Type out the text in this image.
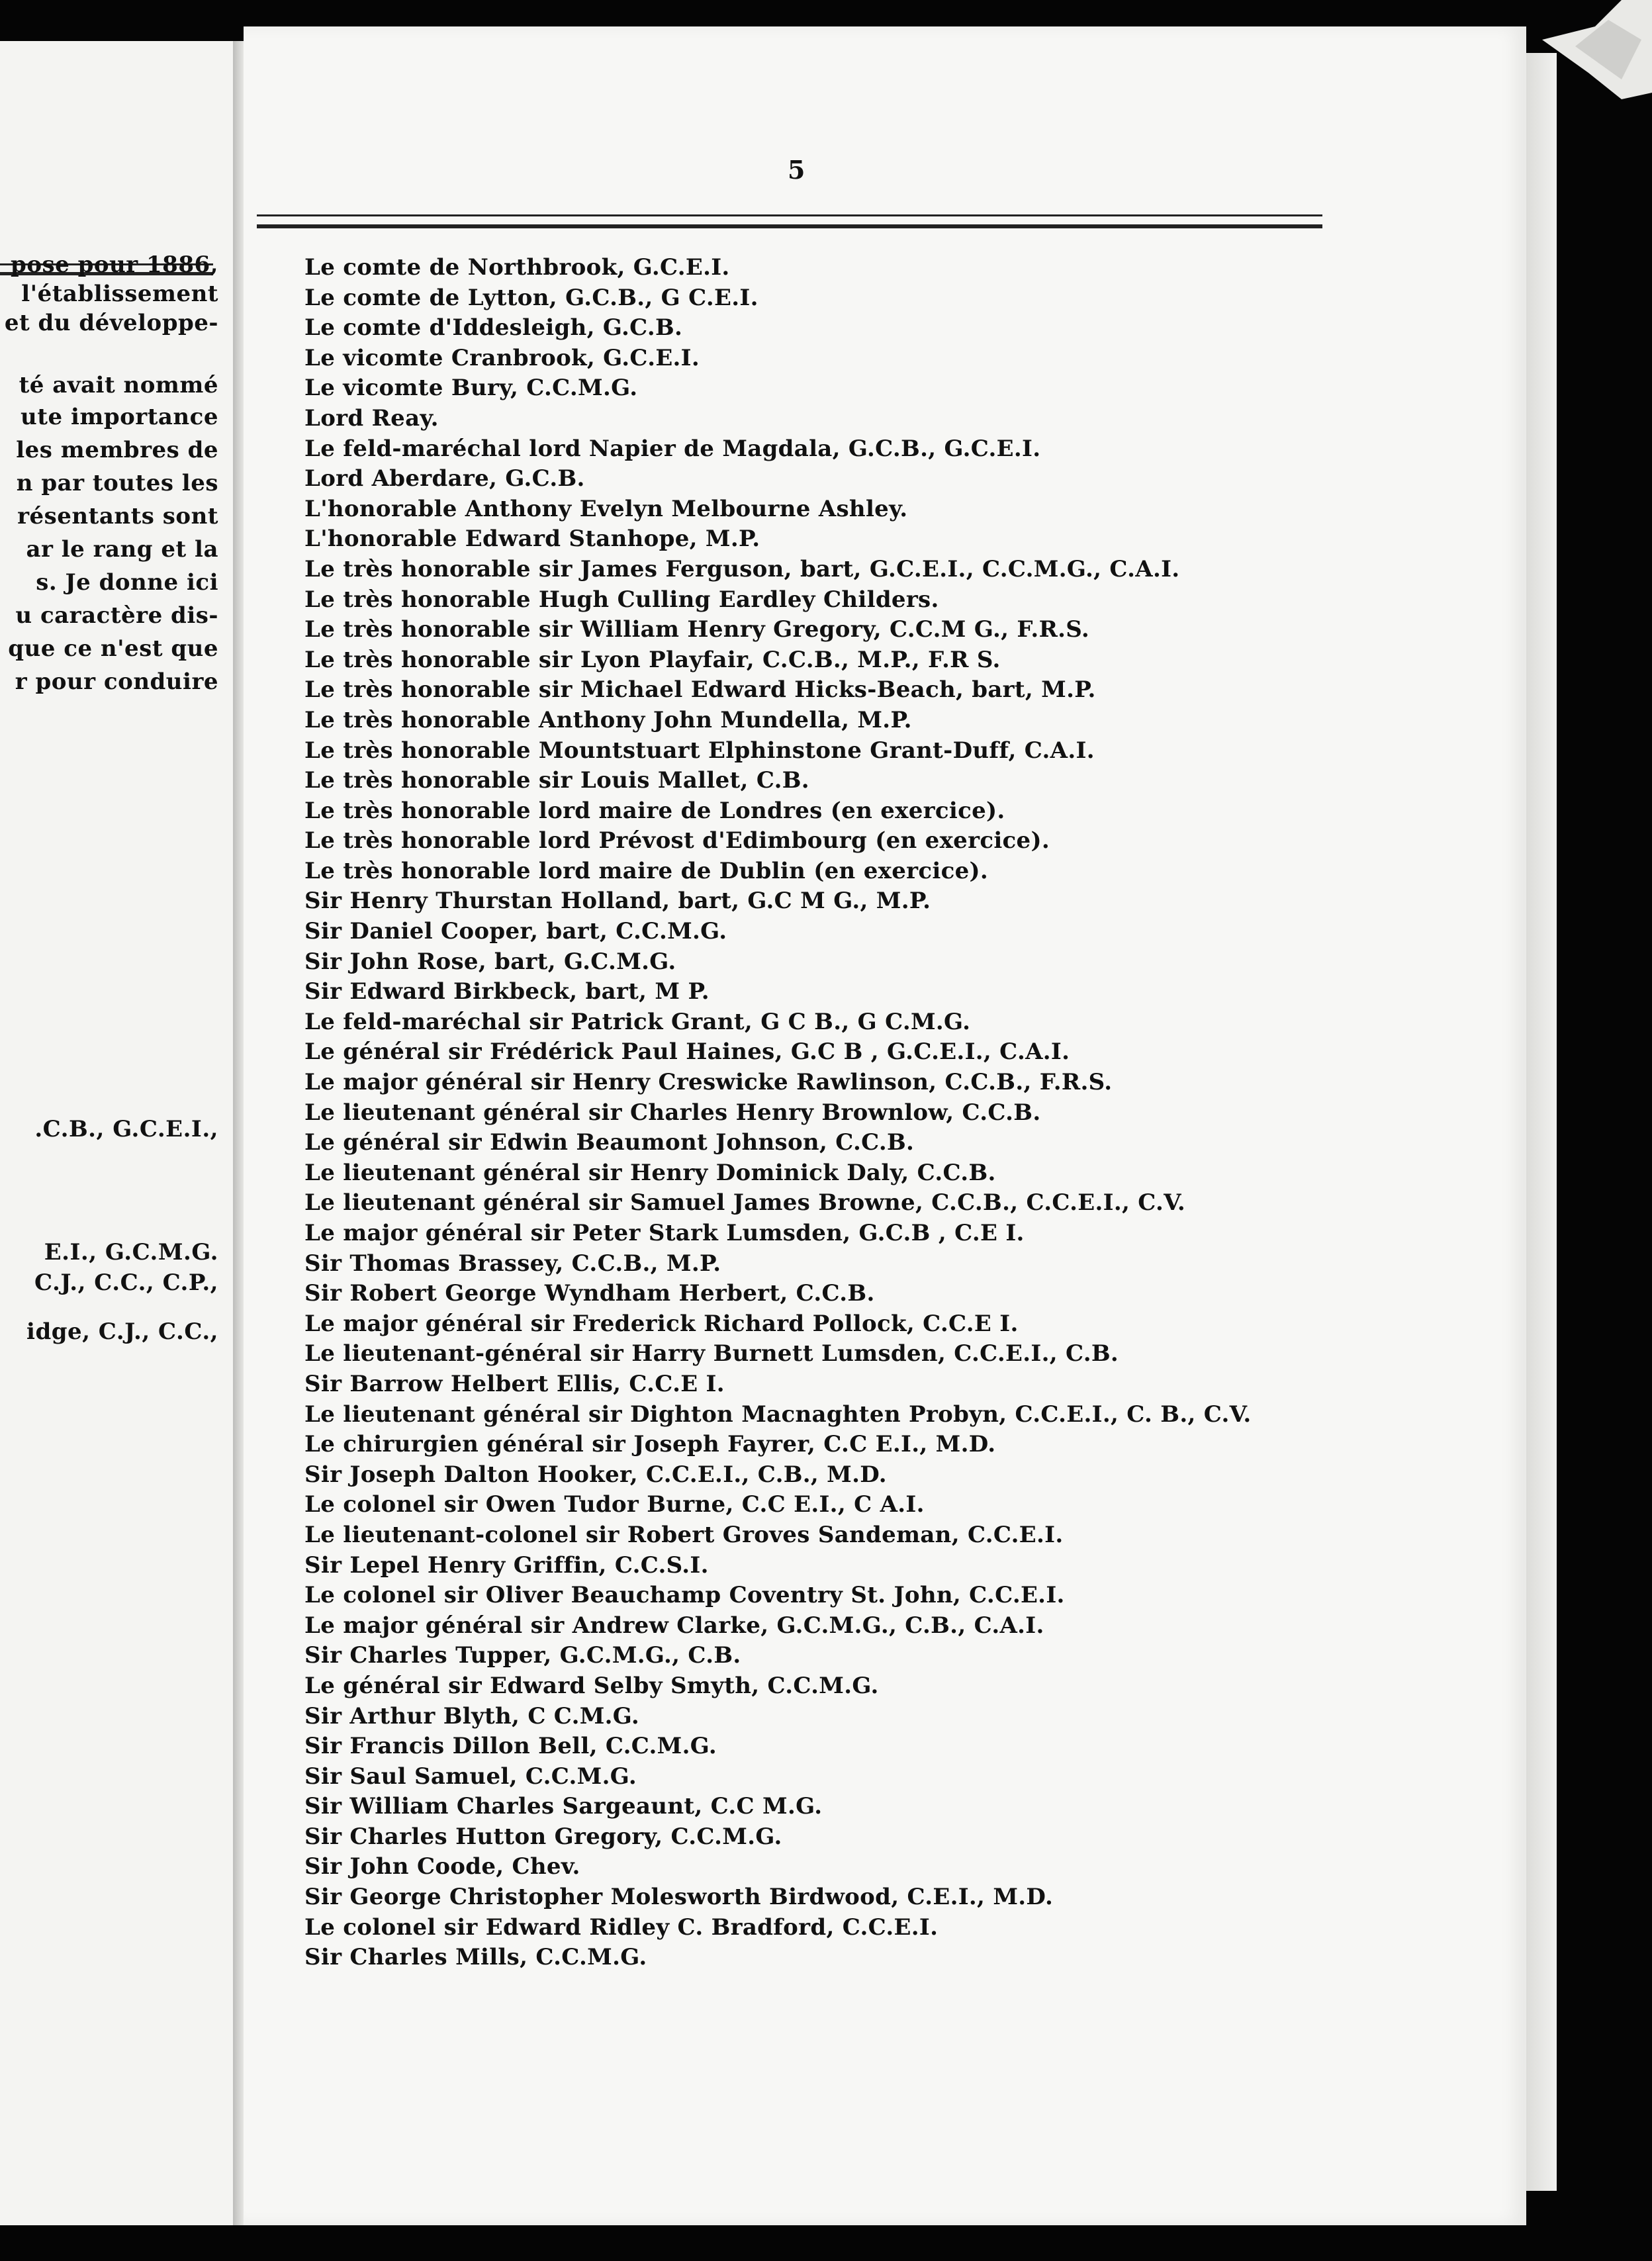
pose pour 1886,
l'établissement
et du développe-
té avait nommé
ute importance
les membres de
n par toutes les
résentants sont
ar le rang et la
s. Je donne ici
u caractère dis-
que ce n'est que
r pour conduire
.C.B., G.C.E.I.,
E.I., G.C.M.G.
C.J., C.C., C.P.,
idge, C.J., C.C.,
5
Le comte de Northbrook, G.C.E.I.
Le comte de Lytton, G.C.B., G C.E.I.
Le comte d'Iddesleigh, G.C.B.
Le vicomte Cranbrook, G.C.E.I.
Le vicomte Bury, C.C.M.G.
Lord Reay.
Le feld-maréchal lord Napier de Magdala, G.C.B., G.C.E.I.
Lord Aberdare, G.C.B.
L'honorable Anthony Evelyn Melbourne Ashley.
L'honorable Edward Stanhope, M.P.
Le très honorable sir James Ferguson, bart, G.C.E.I., C.C.M.G., C.A.I.
Le très honorable Hugh Culling Eardley Childers.
Le très honorable sir William Henry Gregory, C.C.M G., F.R.S.
Le très honorable sir Lyon Playfair, C.C.B., M.P., F.R S.
Le très honorable sir Michael Edward Hicks-Beach, bart, M.P.
Le très honorable Anthony John Mundella, M.P.
Le très honorable Mountstuart Elphinstone Grant-Duff, C.A.I.
Le très honorable sir Louis Mallet, C.B.
Le très honorable lord maire de Londres (en exercice).
Le très honorable lord Prévost d'Edimbourg (en exercice).
Le très honorable lord maire de Dublin (en exercice).
Sir Henry Thurstan Holland, bart, G.C M G., M.P.
Sir Daniel Cooper, bart, C.C.M.G.
Sir John Rose, bart, G.C.M.G.
Sir Edward Birkbeck, bart, M P.
Le feld-maréchal sir Patrick Grant, G C B., G C.M.G.
Le général sir Frédérick Paul Haines, G.C B , G.C.E.I., C.A.I.
Le major général sir Henry Creswicke Rawlinson, C.C.B., F.R.S.
Le lieutenant général sir Charles Henry Brownlow, C.C.B.
Le général sir Edwin Beaumont Johnson, C.C.B.
Le lieutenant général sir Henry Dominick Daly, C.C.B.
Le lieutenant général sir Samuel James Browne, C.C.B., C.C.E.I., C.V.
Le major général sir Peter Stark Lumsden, G.C.B , C.E I.
Sir Thomas Brassey, C.C.B., M.P.
Sir Robert George Wyndham Herbert, C.C.B.
Le major général sir Frederick Richard Pollock, C.C.E I.
Le lieutenant-général sir Harry Burnett Lumsden, C.C.E.I., C.B.
Sir Barrow Helbert Ellis, C.C.E I.
Le lieutenant général sir Dighton Macnaghten Probyn, C.C.E.I., C. B., C.V.
Le chirurgien général sir Joseph Fayrer, C.C E.I., M.D.
Sir Joseph Dalton Hooker, C.C.E.I., C.B., M.D.
Le colonel sir Owen Tudor Burne, C.C E.I., C A.I.
Le lieutenant-colonel sir Robert Groves Sandeman, C.C.E.I.
Sir Lepel Henry Griffin, C.C.S.I.
Le colonel sir Oliver Beauchamp Coventry St. John, C.C.E.I.
Le major général sir Andrew Clarke, G.C.M.G., C.B., C.A.I.
Sir Charles Tupper, G.C.M.G., C.B.
Le général sir Edward Selby Smyth, C.C.M.G.
Sir Arthur Blyth, C C.M.G.
Sir Francis Dillon Bell, C.C.M.G.
Sir Saul Samuel, C.C.M.G.
Sir William Charles Sargeaunt, C.C M.G.
Sir Charles Hutton Gregory, C.C.M.G.
Sir John Coode, Chev.
Sir George Christopher Molesworth Birdwood, C.E.I., M.D.
Le colonel sir Edward Ridley C. Bradford, C.C.E.I.
Sir Charles Mills, C.C.M.G.
